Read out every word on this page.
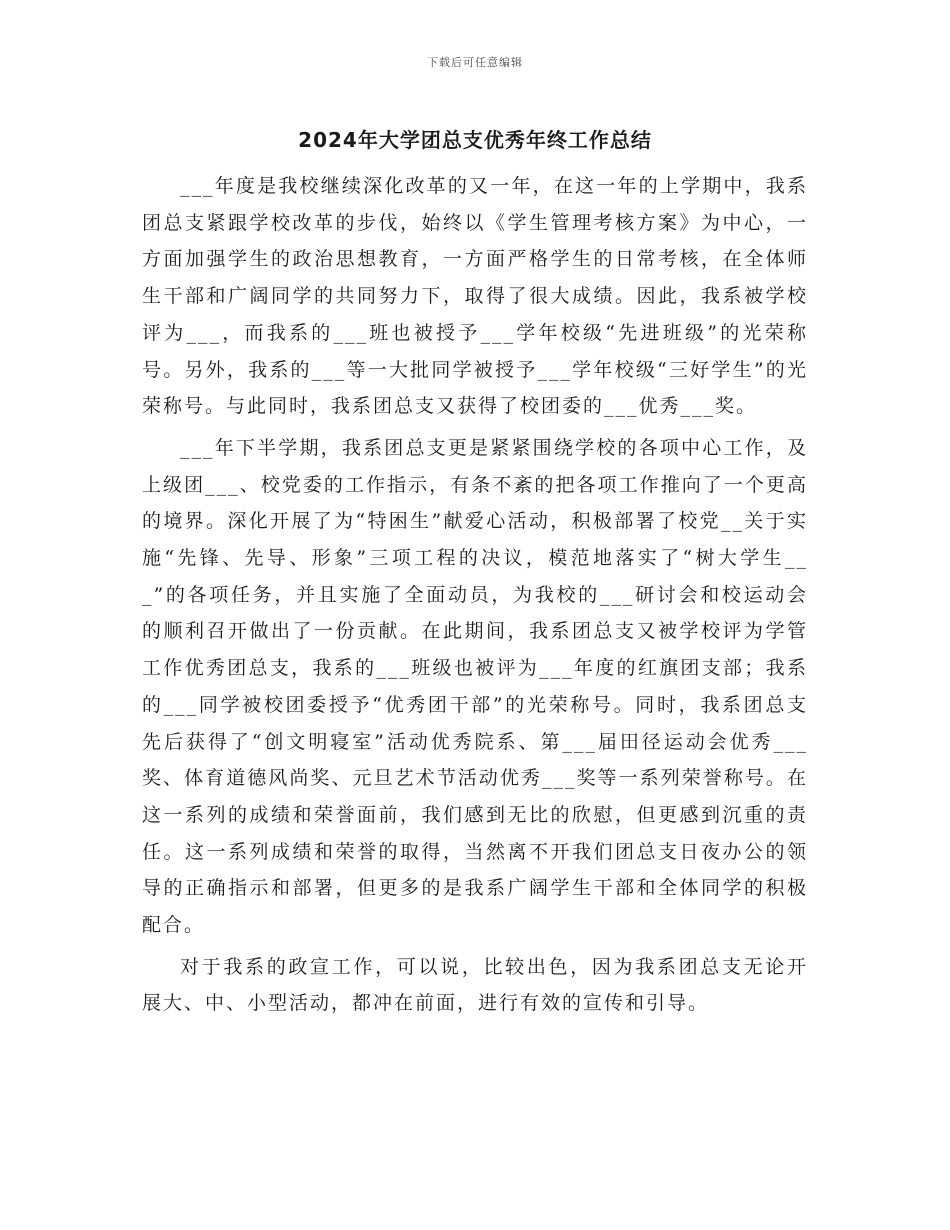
下载后可任意编辑
2024年大学团总支优秀年终工作总结

___年度是我校继续深化改革的又一年，在这一年的上学期中，我系团总支紧跟学校改革的步伐，始终以《学生管理考核方案》为中心，一方面加强学生的政治思想教育，一方面严格学生的日常考核，在全体师生干部和广阔同学的共同努力下，取得了很大成绩。因此，我系被学校评为___，而我系的___班也被授予___学年校级“先进班级”的光荣称号。另外，我系的___等一大批同学被授予___学年校级“三好学生”的光荣称号。与此同时，我系团总支又获得了校团委的___优秀___奖。

___年下半学期，我系团总支更是紧紧围绕学校的各项中心工作，及上级团___、校党委的工作指示，有条不紊的把各项工作推向了一个更高的境界。深化开展了为“特困生”献爱心活动，积极部署了校党__关于实施“先锋、先导、形象”三项工程的决议，模范地落实了“树大学生___”的各项任务，并且实施了全面动员，为我校的___研讨会和校运动会的顺利召开做出了一份贡献。在此期间，我系团总支又被学校评为学管工作优秀团总支，我系的___班级也被评为___年度的红旗团支部；我系的___同学被校团委授予“优秀团干部”的光荣称号。同时，我系团总支先后获得了“创文明寝室”活动优秀院系、第___届田径运动会优秀___奖、体育道德风尚奖、元旦艺术节活动优秀___奖等一系列荣誉称号。在这一系列的成绩和荣誉面前，我们感到无比的欣慰，但更感到沉重的责任。这一系列成绩和荣誉的取得，当然离不开我们团总支日夜办公的领导的正确指示和部署，但更多的是我系广阔学生干部和全体同学的积极配合。

对于我系的政宣工作，可以说，比较出色，因为我系团总支无论开展大、中、小型活动，都冲在前面，进行有效的宣传和引导。
